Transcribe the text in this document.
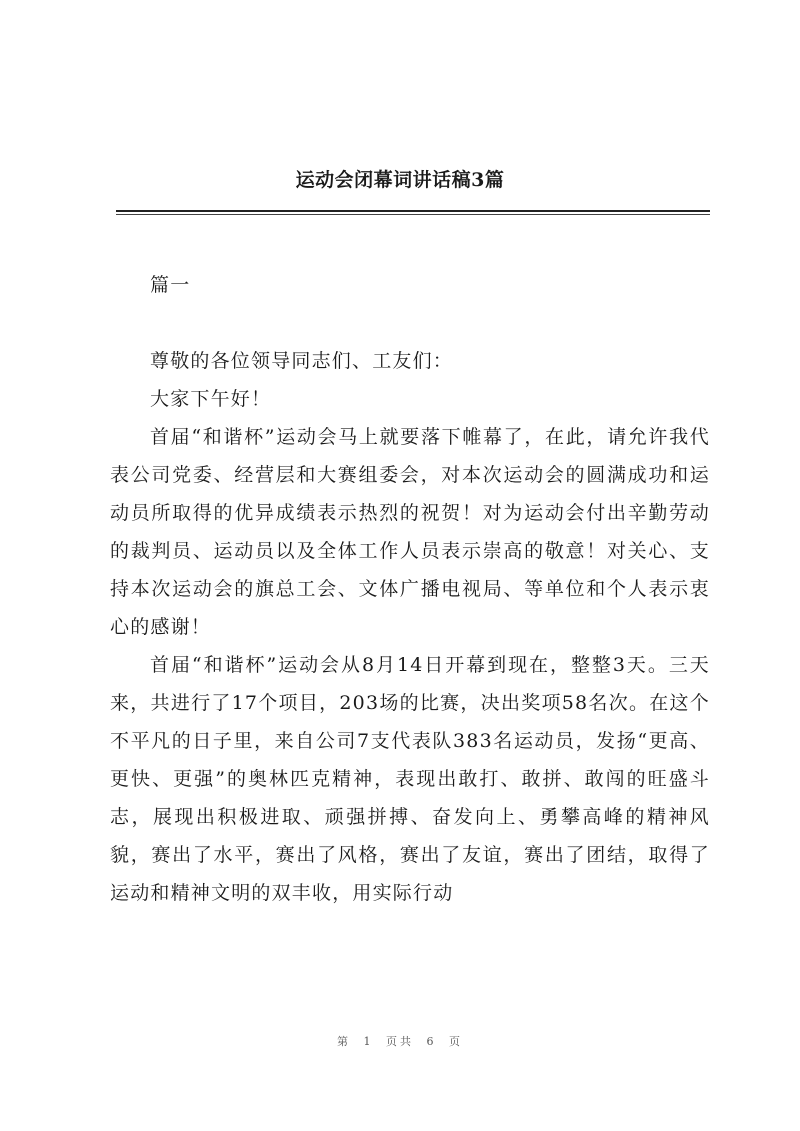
运动会闭幕词讲话稿3篇

篇一

尊敬的各位领导同志们、工友们：

大家下午好！

首届“和谐杯”运动会马上就要落下帷幕了，在此，请允许我代表公司党委、经营层和大赛组委会，对本次运动会的圆满成功和运动员所取得的优异成绩表示热烈的祝贺！对为运动会付出辛勤劳动的裁判员、运动员以及全体工作人员表示崇高的敬意！对关心、支持本次运动会的旗总工会、文体广播电视局、等单位和个人表示衷心的感谢！

首届“和谐杯”运动会从8月14日开幕到现在，整整3天。三天来，共进行了17个项目，203场的比赛，决出奖项58名次。在这个不平凡的日子里，来自公司7支代表队383名运动员，发扬“更高、更快、更强”的奥林匹克精神，表现出敢打、敢拼、敢闯的旺盛斗志，展现出积极进取、顽强拼搏、奋发向上、勇攀高峰的精神风貌，赛出了水平，赛出了风格，赛出了友谊，赛出了团结，取得了运动和精神文明的双丰收，用实际行动

第 1 页共 6 页
